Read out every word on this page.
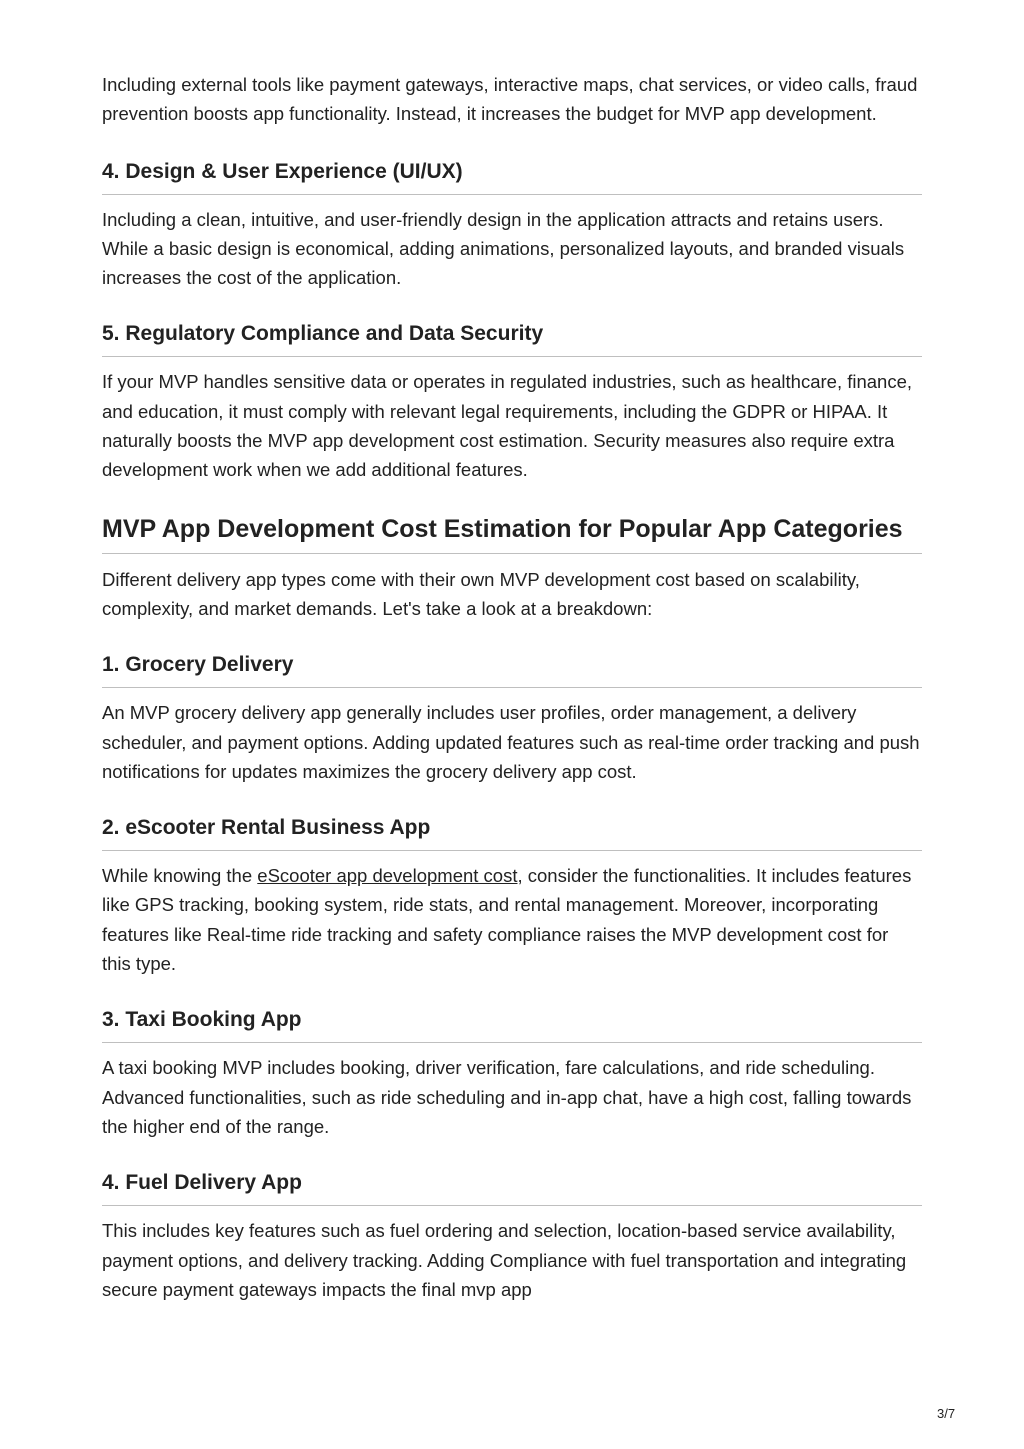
Including external tools like payment gateways, interactive maps, chat services, or video calls, fraud prevention boosts app functionality. Instead, it increases the budget for MVP app development.

4. Design & User Experience (UI/UX)

Including a clean, intuitive, and user-friendly design in the application attracts and retains users. While a basic design is economical, adding animations, personalized layouts, and branded visuals increases the cost of the application.

5. Regulatory Compliance and Data Security

If your MVP handles sensitive data or operates in regulated industries, such as healthcare, finance, and education, it must comply with relevant legal requirements, including the GDPR or HIPAA. It naturally boosts the MVP app development cost estimation. Security measures also require extra development work when we add additional features.

MVP App Development Cost Estimation for Popular App Categories

Different delivery app types come with their own MVP development cost based on scalability, complexity, and market demands. Let's take a look at a breakdown:

1. Grocery Delivery

An MVP grocery delivery app generally includes user profiles, order management, a delivery scheduler, and payment options. Adding updated features such as real-time order tracking and push notifications for updates maximizes the grocery delivery app cost.

2. eScooter Rental Business App

While knowing the eScooter app development cost, consider the functionalities. It includes features like GPS tracking, booking system, ride stats, and rental management. Moreover, incorporating features like Real-time ride tracking and safety compliance raises the MVP development cost for this type.

3. Taxi Booking App

A taxi booking MVP includes booking, driver verification, fare calculations, and ride scheduling. Advanced functionalities, such as ride scheduling and in-app chat, have a high cost, falling towards the higher end of the range.

4. Fuel Delivery App

This includes key features such as fuel ordering and selection, location-based service availability, payment options, and delivery tracking. Adding Compliance with fuel transportation and integrating secure payment gateways impacts the final mvp app

3/7
